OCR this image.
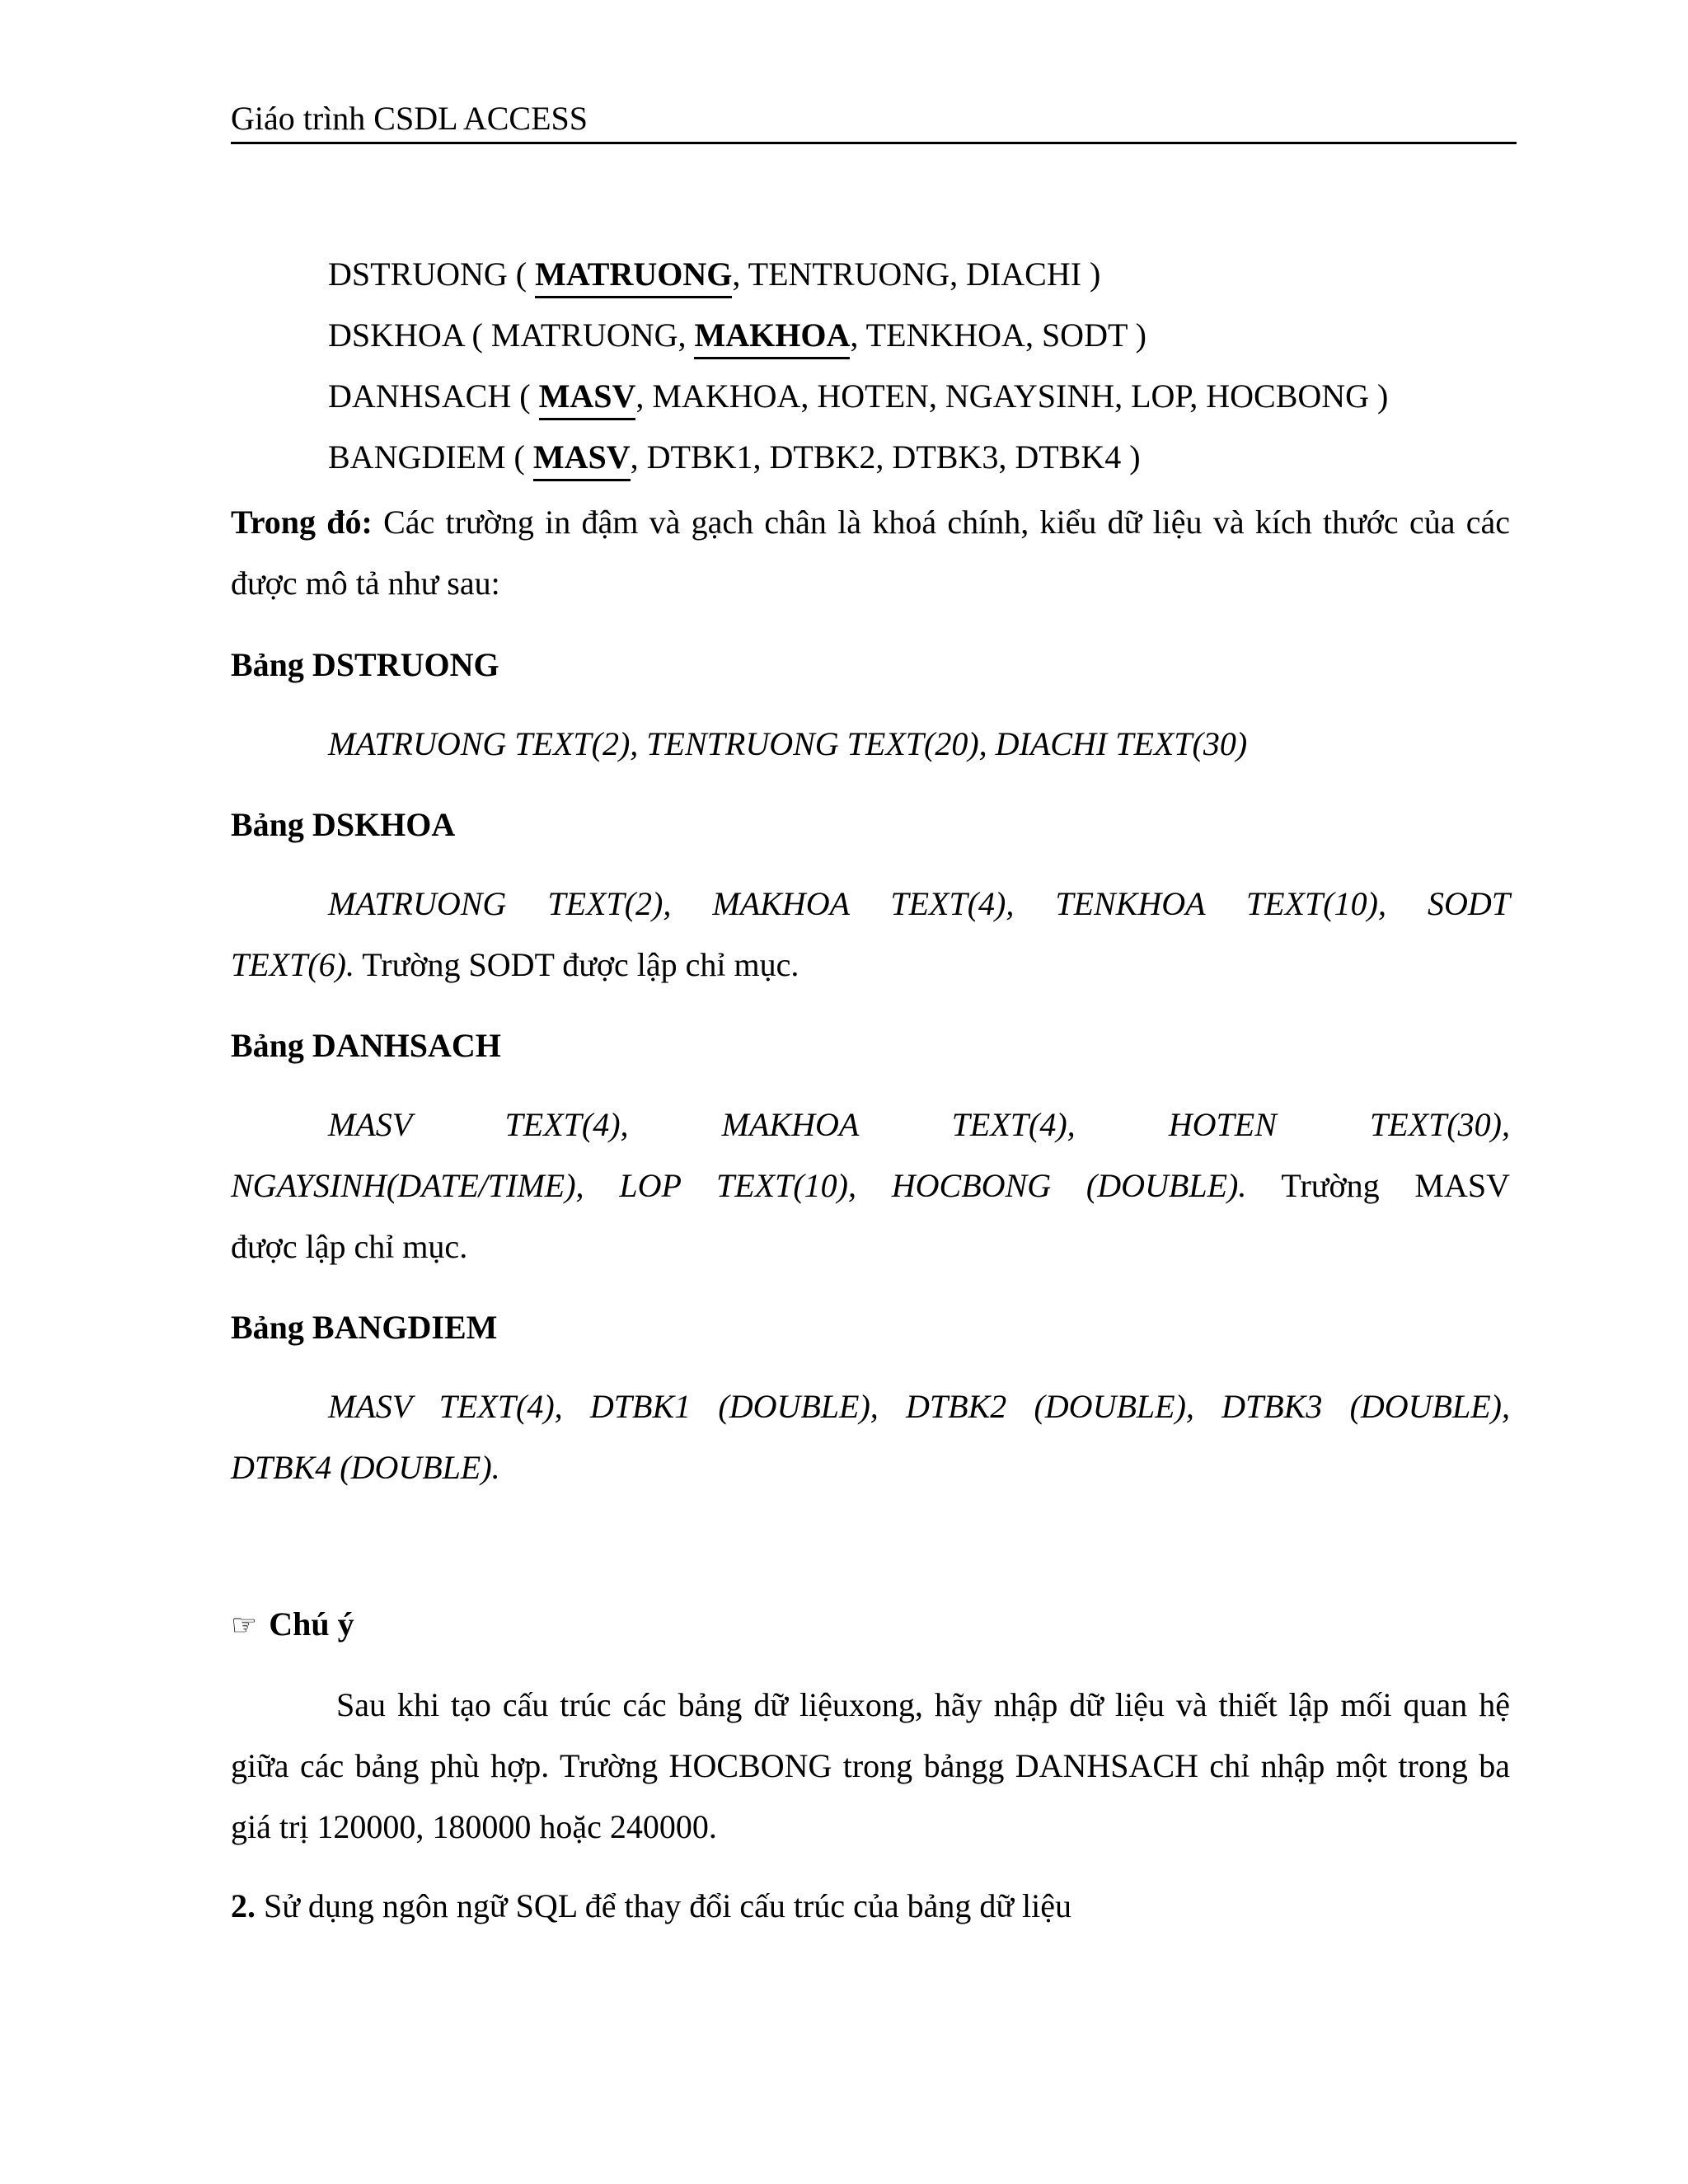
Giáo trình CSDL ACCESS
DSTRUONG ( MATRUONG, TENTRUONG, DIACHI )
DSKHOA ( MATRUONG, MAKHOA, TENKHOA, SODT )
DANHSACH ( MASV, MAKHOA, HOTEN, NGAYSINH, LOP, HOCBONG )
BANGDIEM ( MASV, DTBK1, DTBK2, DTBK3, DTBK4 )
Trong đó: Các trường in đậm và gạch chân là khoá chính, kiểu dữ liệu và kích thước của các được mô tả như sau:
Bảng DSTRUONG
MATRUONG TEXT(2), TENTRUONG TEXT(20), DIACHI TEXT(30)
Bảng DSKHOA
MATRUONG TEXT(2), MAKHOA TEXT(4), TENKHOA TEXT(10), SODT
TEXT(6). Trường SODT được lập chỉ mục.
Bảng DANHSACH
MASV TEXT(4), MAKHOA TEXT(4), HOTEN TEXT(30),
NGAYSINH(DATE/TIME), LOP TEXT(10), HOCBONG (DOUBLE). Trường MASV
được lập chỉ mục.
Bảng BANGDIEM
MASV TEXT(4), DTBK1 (DOUBLE), DTBK2 (DOUBLE), DTBK3 (DOUBLE),
DTBK4 (DOUBLE).
☞ Chú ý
Sau khi tạo cấu trúc các bảng dữ liệuxong, hãy nhập dữ liệu và thiết lập mối quan hệ giữa các bảng phù hợp. Trường HOCBONG trong bảngg DANHSACH chỉ nhập một trong ba giá trị 120000, 180000 hoặc 240000.
2. Sử dụng ngôn ngữ SQL để thay đổi cấu trúc của bảng dữ liệu
